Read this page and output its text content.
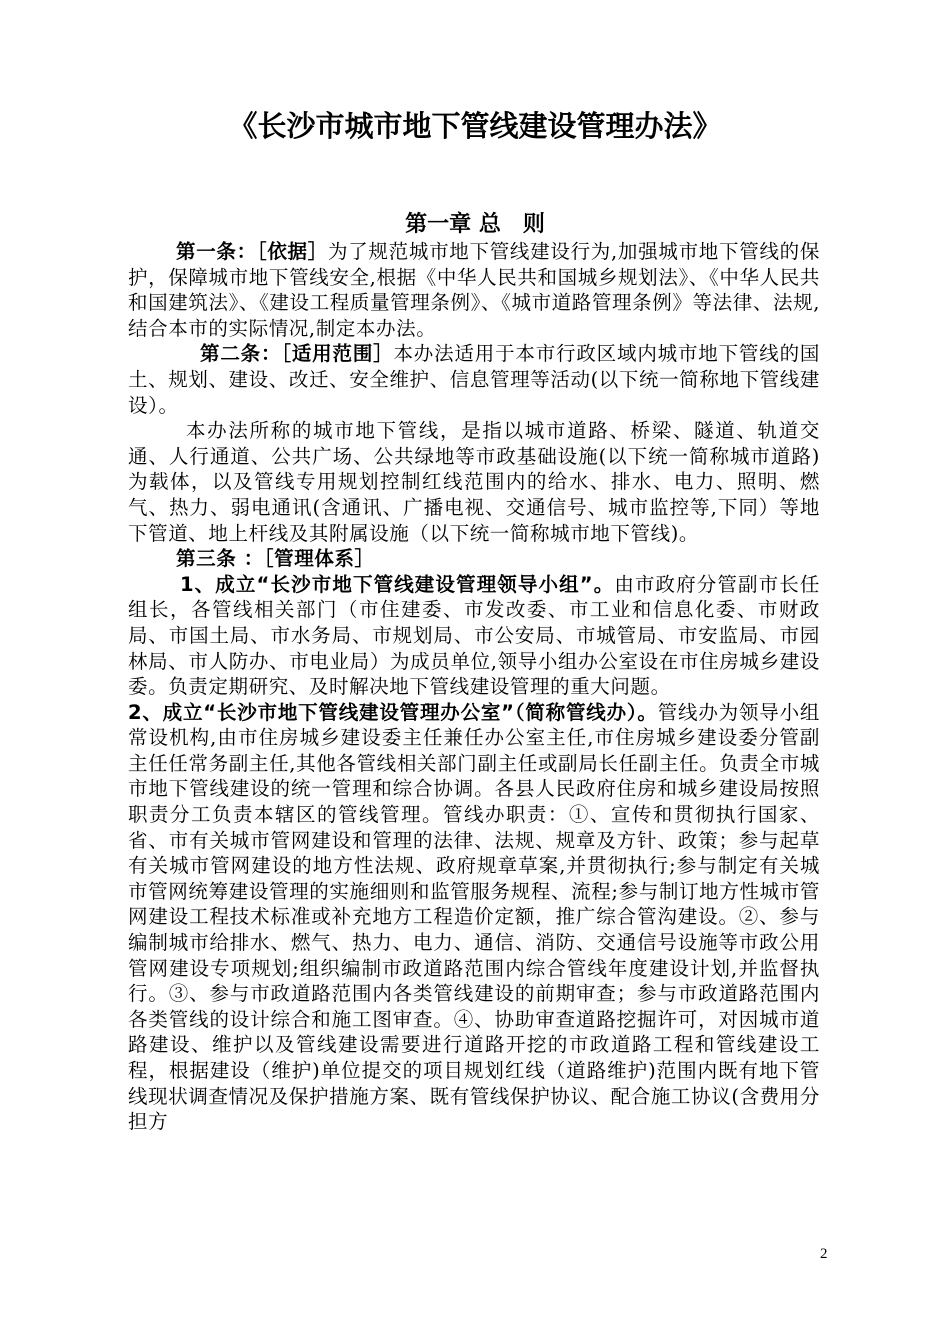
《长沙市城市地下管线建设管理办法》
第一章 总　则

第一条：［依据］为了规范城市地下管线建设行为,加强城市地下管线的保护，保障城市地下管线安全,根据《中华人民共和国城乡规划法》、《中华人民共和国建筑法》、《建设工程质量管理条例》、《城市道路管理条例》等法律、法规,结合本市的实际情况,制定本办法。

第二条：［适用范围］本办法适用于本市行政区域内城市地下管线的国土、规划、建设、改迁、安全维护、信息管理等活动(以下统一简称地下管线建设）。

本办法所称的城市地下管线，是指以城市道路、桥梁、隧道、轨道交通、人行通道、公共广场、公共绿地等市政基础设施(以下统一简称城市道路)为载体，以及管线专用规划控制红线范围内的给水、排水、电力、照明、燃气、热力、弱电通讯(含通讯、广播电视、交通信号、城市监控等,下同）等地下管道、地上杆线及其附属设施（以下统一简称城市地下管线)。

第三条 ：［管理体系］

1、成立“长沙市地下管线建设管理领导小组”。由市政府分管副市长任组长，各管线相关部门（市住建委、市发改委、市工业和信息化委、市财政局、市国土局、市水务局、市规划局、市公安局、市城管局、市安监局、市园林局、市人防办、市电业局）为成员单位,领导小组办公室设在市住房城乡建设委。负责定期研究、及时解决地下管线建设管理的重大问题。

2、成立“长沙市地下管线建设管理办公室”（简称管线办）。管线办为领导小组常设机构,由市住房城乡建设委主任兼任办公室主任,市住房城乡建设委分管副主任任常务副主任,其他各管线相关部门副主任或副局长任副主任。负责全市城市地下管线建设的统一管理和综合协调。各县人民政府住房和城乡建设局按照职责分工负责本辖区的管线管理。管线办职责：①、宣传和贯彻执行国家、省、市有关城市管网建设和管理的法律、法规、规章及方针、政策；参与起草有关城市管网建设的地方性法规、政府规章草案,并贯彻执行;参与制定有关城市管网统筹建设管理的实施细则和监管服务规程、流程;参与制订地方性城市管网建设工程技术标准或补充地方工程造价定额，推广综合管沟建设。②、参与编制城市给排水、燃气、热力、电力、通信、消防、交通信号设施等市政公用管网建设专项规划;组织编制市政道路范围内综合管线年度建设计划,并监督执行。③、参与市政道路范围内各类管线建设的前期审查；参与市政道路范围内各类管线的设计综合和施工图审查。④、协助审查道路挖掘许可，对因城市道路建设、维护以及管线建设需要进行道路开挖的市政道路工程和管线建设工程，根据建设（维护)单位提交的项目规划红线（道路维护)范围内既有地下管线现状调查情况及保护措施方案、既有管线保护协议、配合施工协议(含费用分担方

2
